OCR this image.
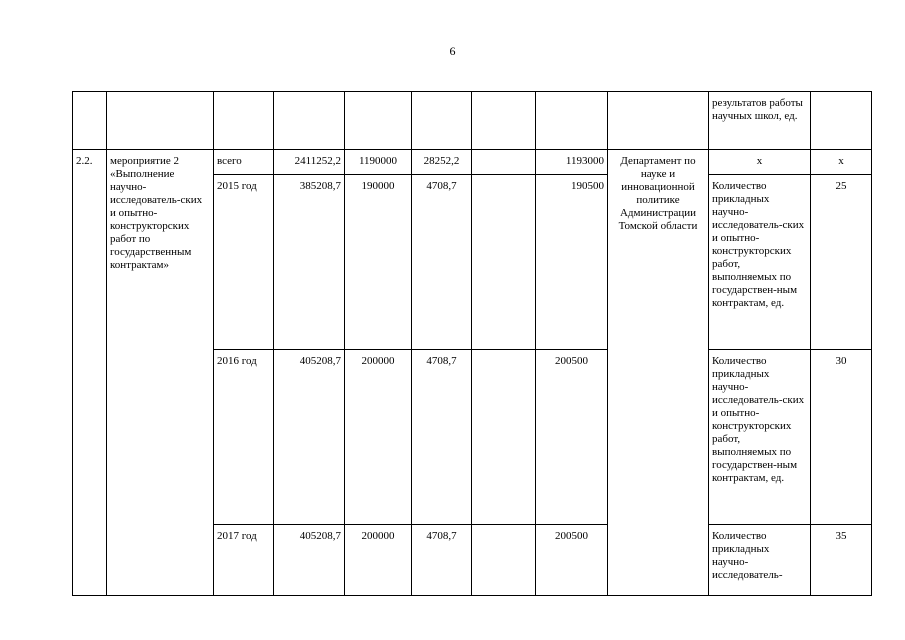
6
									результатов работы научных школ, ед.	
2.2.	мероприятие 2 «Выполнение научно-исследователь-ских и опытно-конструкторских работ по государственным контрактам»	всего	2411252,2	1190000	28252,2		1193000	Департамент по науке и инновационной политике Администрации Томской области	х	х
		2015 год	385208,7	190000	4708,7		190500		Количество прикладных научно-исследователь-ских и опытно-конструкторских работ, выполняемых по государствен-ным контрактам, ед.	25
		2016 год	405208,7	200000	4708,7		200500		Количество прикладных научно-исследователь-ских и опытно-конструкторских работ, выполняемых по государствен-ным контрактам, ед.	30
		2017 год	405208,7	200000	4708,7		200500		Количество прикладных научно-исследователь-	35
